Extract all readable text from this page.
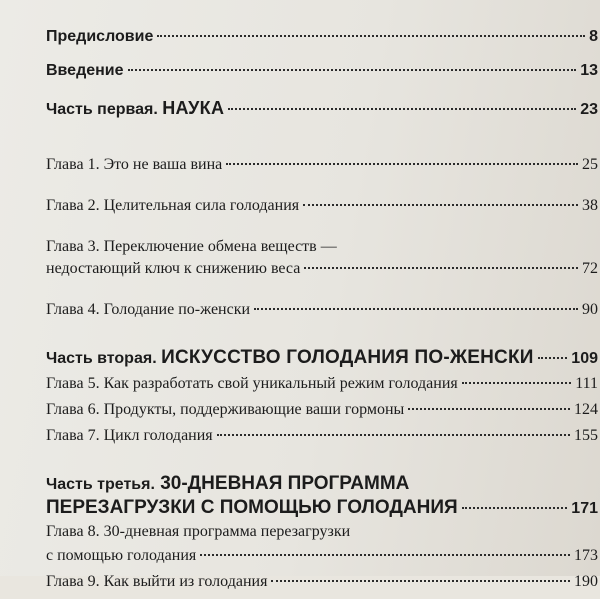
Предисловие	8
Введение	13
Часть первая. НАУКА	23
Глава 1. Это не ваша вина	25
Глава 2. Целительная сила голодания	38
Глава 3. Переключение обмена веществ —
недостающий ключ к снижению веса	72
Глава 4. Голодание по-женски	90
Часть вторая. ИСКУССТВО ГОЛОДАНИЯ ПО-ЖЕНСКИ 109
Глава 5. Как разработать свой уникальный режим голодания	111
Глава 6. Продукты, поддерживающие ваши гормоны	124
Глава 7. Цикл голодания	155
Часть третья. 30-ДНЕВНАЯ ПРОГРАММА
ПЕРЕЗАГРУЗКИ С ПОМОЩЬЮ ГОЛОДАНИЯ	171
Глава 8. 30-дневная программа перезагрузки
с помощью голодания	173
Глава 9. Как выйти из голодания	190
